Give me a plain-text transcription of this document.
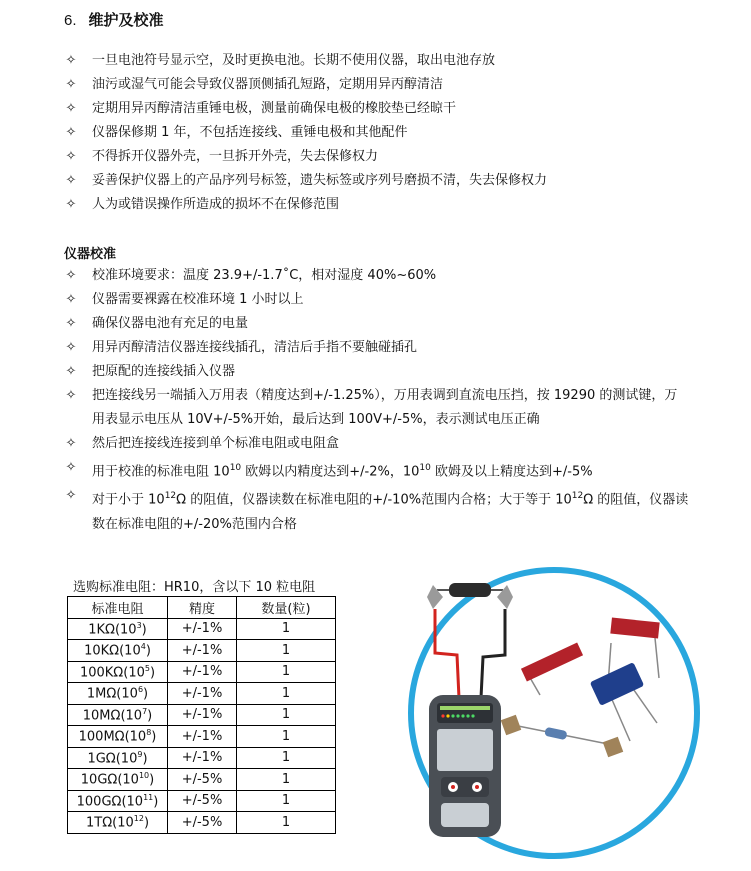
6. 维护及校准
✧ 一旦电池符号显示空，及时更换电池。长期不使用仪器，取出电池存放
✧ 油污或湿气可能会导致仪器顶侧插孔短路，定期用异丙醇清洁
✧ 定期用异丙醇清洁重锤电极，测量前确保电极的橡胶垫已经晾干
✧ 仪器保修期 1 年，不包括连接线、重锤电极和其他配件
✧ 不得拆开仪器外壳，一旦拆开外壳，失去保修权力
✧ 妥善保护仪器上的产品序列号标签，遗失标签或序列号磨损不清，失去保修权力
✧ 人为或错误操作所造成的损坏不在保修范围
仪器校准
✧ 校准环境要求：温度 23.9+/-1.7˚C，相对湿度 40%~60%
✧ 仪器需要裸露在校准环境 1 小时以上
✧ 确保仪器电池有充足的电量
✧ 用异丙醇清洁仪器连接线插孔，清洁后手指不要触碰插孔
✧ 把原配的连接线插入仪器
✧ 把连接线另一端插入万用表（精度达到+/-1.25%），万用表调到直流电压挡，按 19290 的测试键，万
用表显示电压从 10V+/-5%开始，最后达到 100V+/-5%，表示测试电压正确
✧ 然后把连接线连接到单个标准电阻或电阻盒
✧ 用于校准的标准电阻 $10^{10}$ 欧姆以内精度达到+/-2%，$10^{10}$ 欧姆及以上精度达到+/-5%
✧ 对于小于 $10^{12}\Omega$ 的阻值，仪器读数在标准电阻的+/-10%范围内合格；大于等于 $10^{12}\Omega$ 的阻值，仪器读
数在标准电阻的+/-20%范围内合格
选购标准电阻：HR10，含以下 10 粒电阻
标准电阻	精度	数量(粒)
$1K\Omega(10^3)$	+/-1%	1
$10K\Omega(10^4)$	+/-1%	1
$100K\Omega(10^5)$	+/-1%	1
$1M\Omega(10^6)$	+/-1%	1
$10M\Omega(10^7)$	+/-1%	1
$100M\Omega(10^8)$	+/-1%	1
$1G\Omega(10^9)$	+/-1%	1
$10G\Omega(10^{10})$	+/-5%	1
$100G\Omega(10^{11})$	+/-5%	1
$1T\Omega(10^{12})$	+/-5%	1
